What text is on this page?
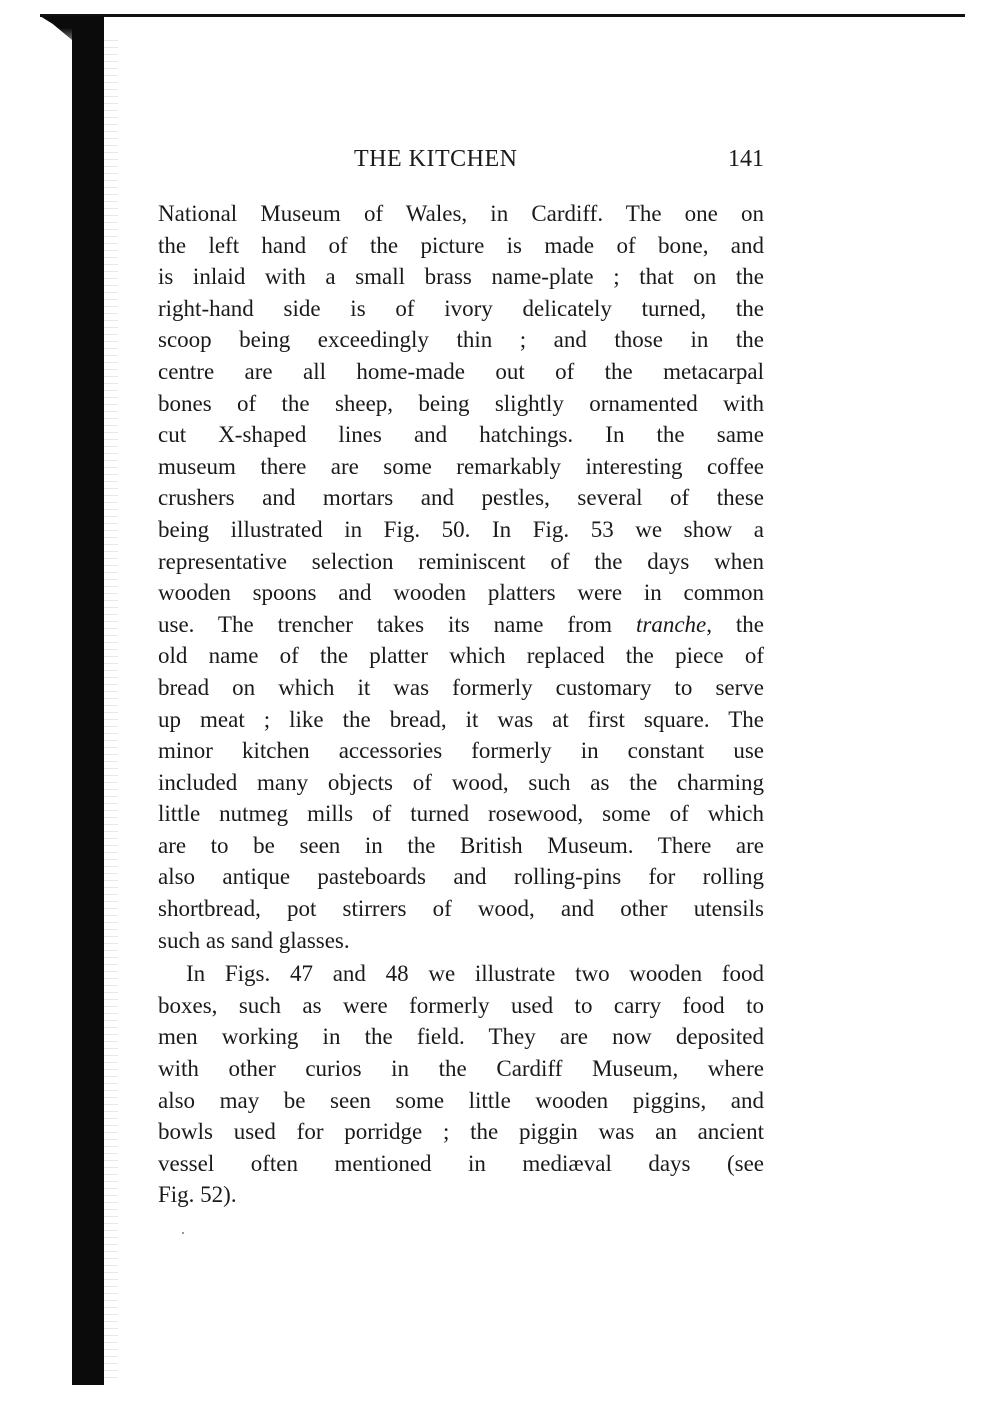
THE KITCHEN	141
National Museum of Wales, in Cardiff. The one on
the left hand of the picture is made of bone, and
is inlaid with a small brass name-plate ; that on the
right-hand side is of ivory delicately turned, the
scoop being exceedingly thin ; and those in the
centre are all home-made out of the metacarpal
bones of the sheep, being slightly ornamented with
cut X-shaped lines and hatchings. In the same
museum there are some remarkably interesting coffee
crushers and mortars and pestles, several of these
being illustrated in Fig. 50. In Fig. 53 we show a
representative selection reminiscent of the days when
wooden spoons and wooden platters were in common
use. The trencher takes its name from tranche, the
old name of the platter which replaced the piece of
bread on which it was formerly customary to serve
up meat ; like the bread, it was at first square. The
minor kitchen accessories formerly in constant use
included many objects of wood, such as the charming
little nutmeg mills of turned rosewood, some of which
are to be seen in the British Museum. There are
also antique pasteboards and rolling-pins for rolling
shortbread, pot stirrers of wood, and other utensils
such as sand glasses.
In Figs. 47 and 48 we illustrate two wooden food
boxes, such as were formerly used to carry food to
men working in the field. They are now deposited
with other curios in the Cardiff Museum, where
also may be seen some little wooden piggins, and
bowls used for porridge ; the piggin was an ancient
vessel often mentioned in mediæval days (see
Fig. 52).
